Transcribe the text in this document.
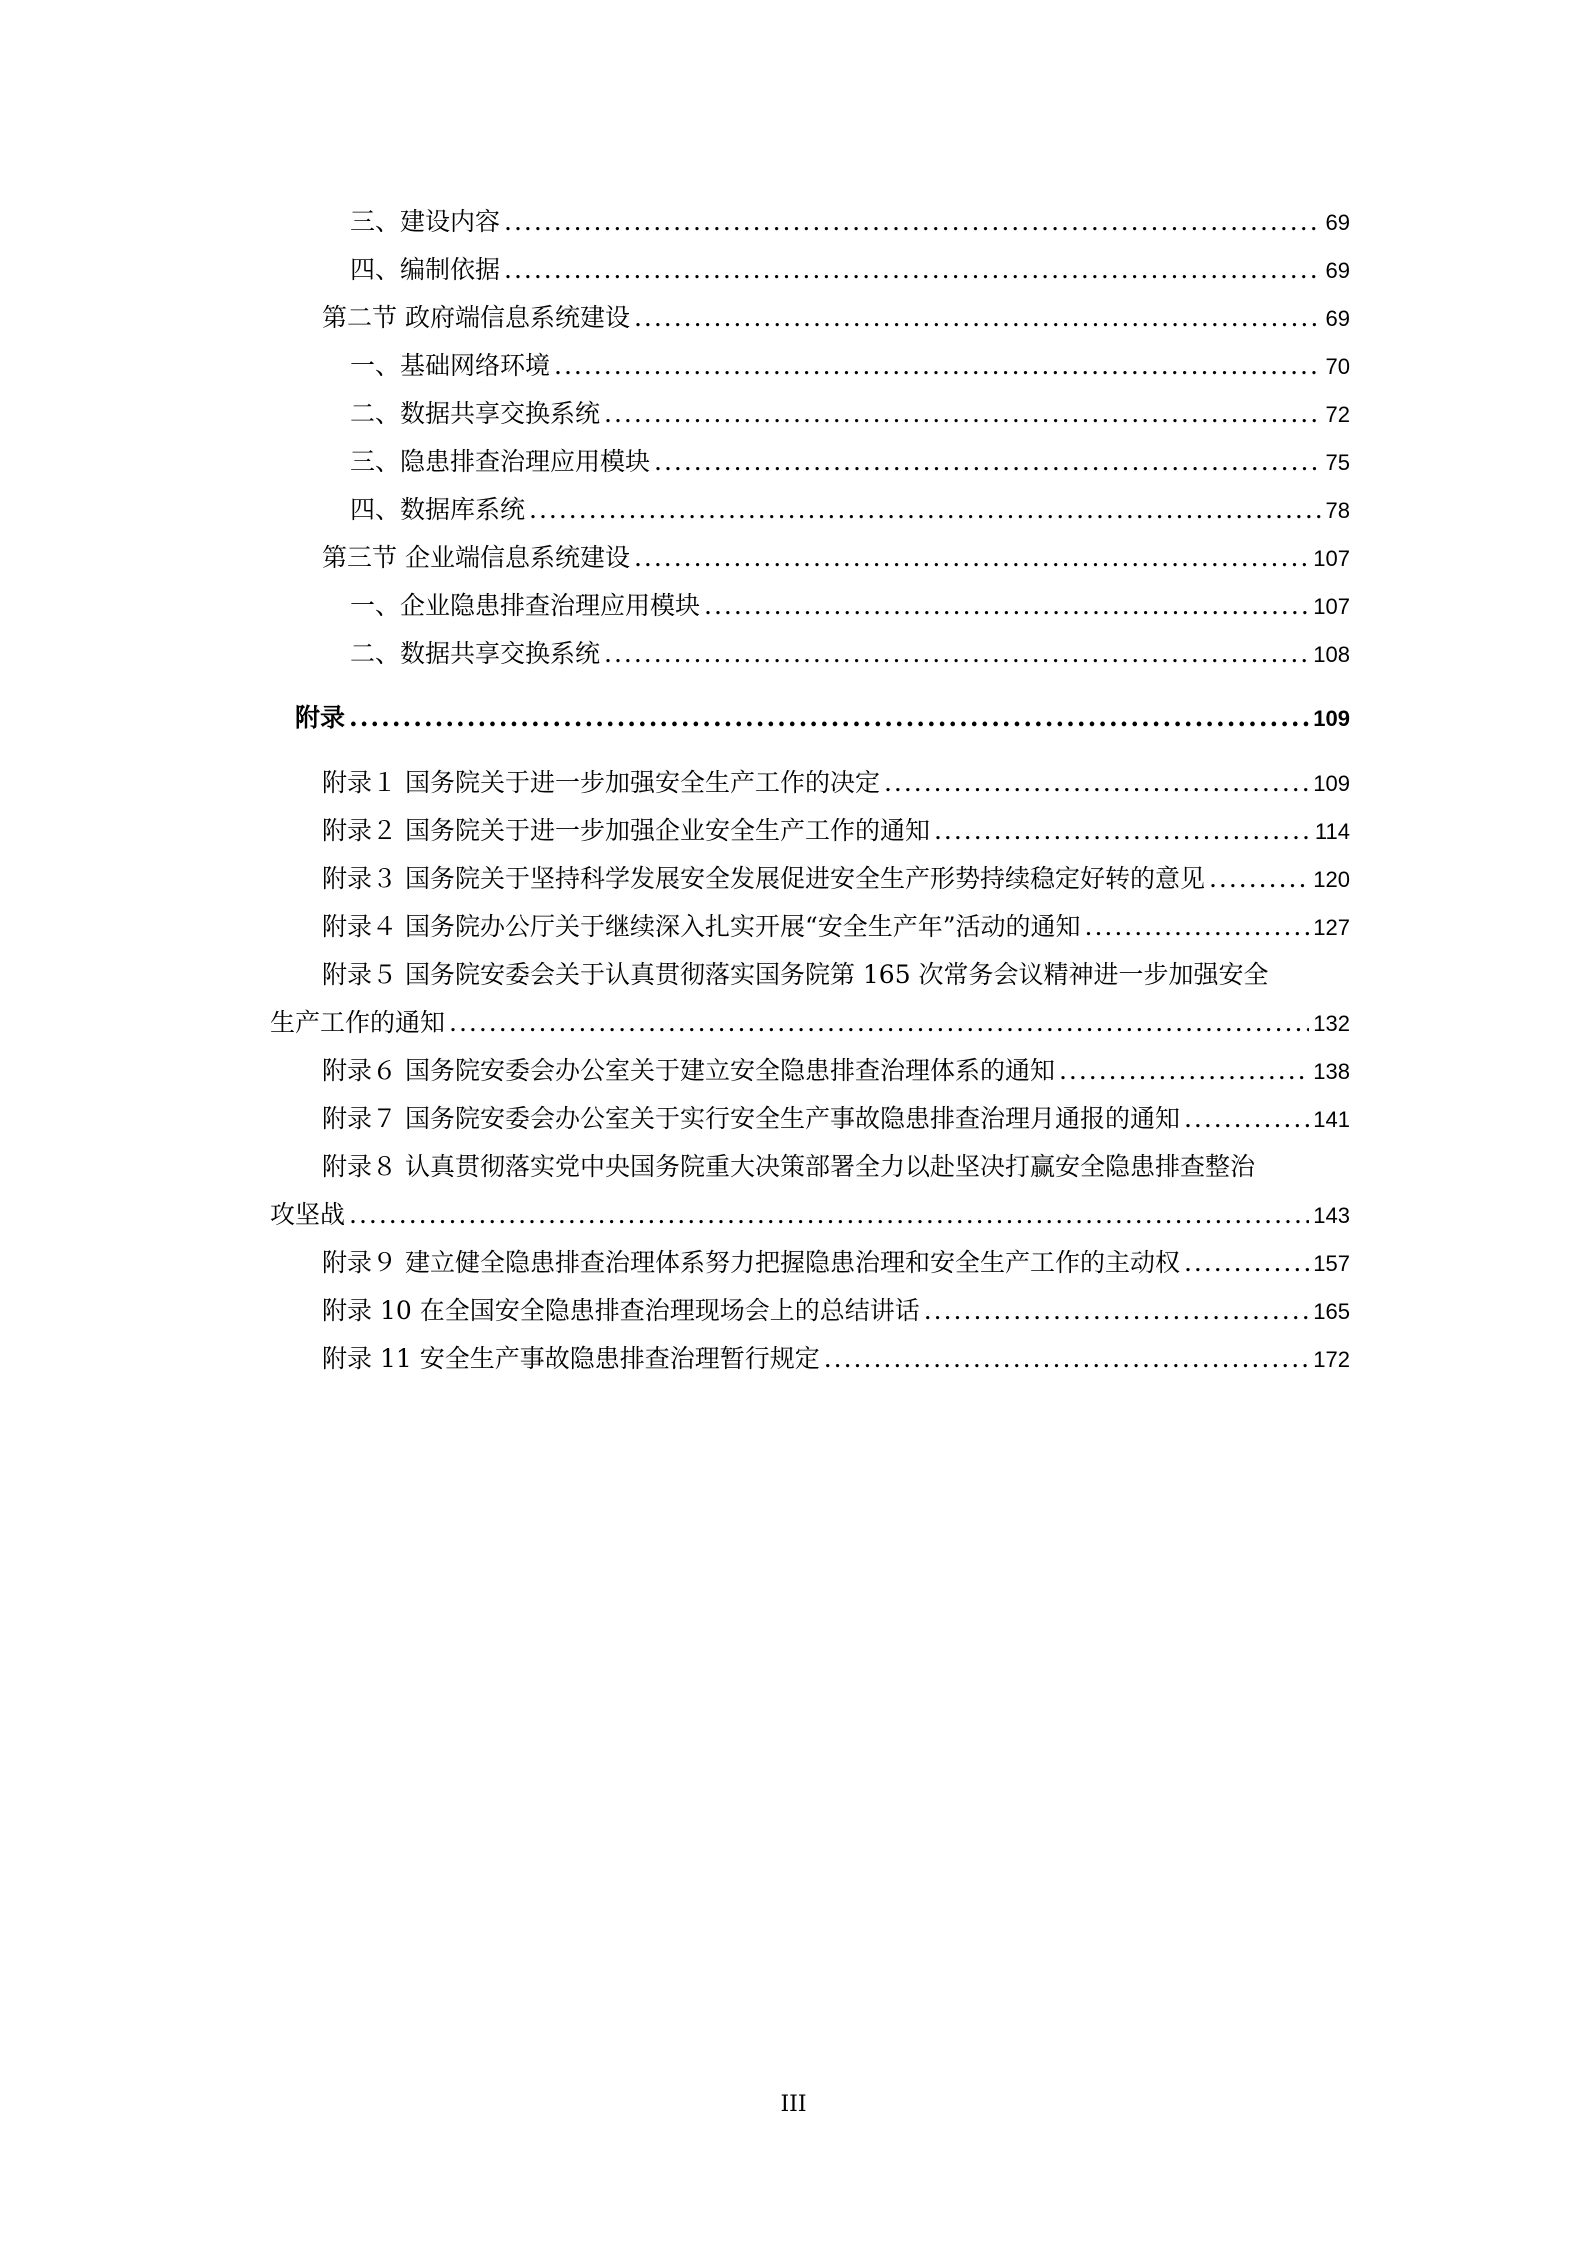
三、建设内容 .....	69
四、编制依据 .....	69
第二节 政府端信息系统建设 .....	69
一、基础网络环境 .....	70
二、数据共享交换系统 .....	72
三、隐患排查治理应用模块 .....	75
四、数据库系统 .....	78
第三节 企业端信息系统建设 .....	107
一、企业隐患排查治理应用模块 .....	107
二、数据共享交换系统 .....	108
附录 .....	109
附录１ 国务院关于进一步加强安全生产工作的决定 .....	109
附录２ 国务院关于进一步加强企业安全生产工作的通知 .....	114
附录３ 国务院关于坚持科学发展安全发展促进安全生产形势持续稳定好转的意见 .....	120
附录４ 国务院办公厅关于继续深入扎实开展“安全生产年”活动的通知 .....	127
附录５ 国务院安委会关于认真贯彻落实国务院第 165 次常务会议精神进一步加强安全
生产工作的通知 .....	132
附录６ 国务院安委会办公室关于建立安全隐患排查治理体系的通知 .....	138
附录７ 国务院安委会办公室关于实行安全生产事故隐患排查治理月通报的通知 .....	141
附录８ 认真贯彻落实党中央国务院重大决策部署全力以赴坚决打赢安全隐患排查整治
攻坚战 .....	143
附录９ 建立健全隐患排查治理体系努力把握隐患治理和安全生产工作的主动权 .....	157
附录 10 在全国安全隐患排查治理现场会上的总结讲话 .....	165
附录 11 安全生产事故隐患排查治理暂行规定 .....	172
III
